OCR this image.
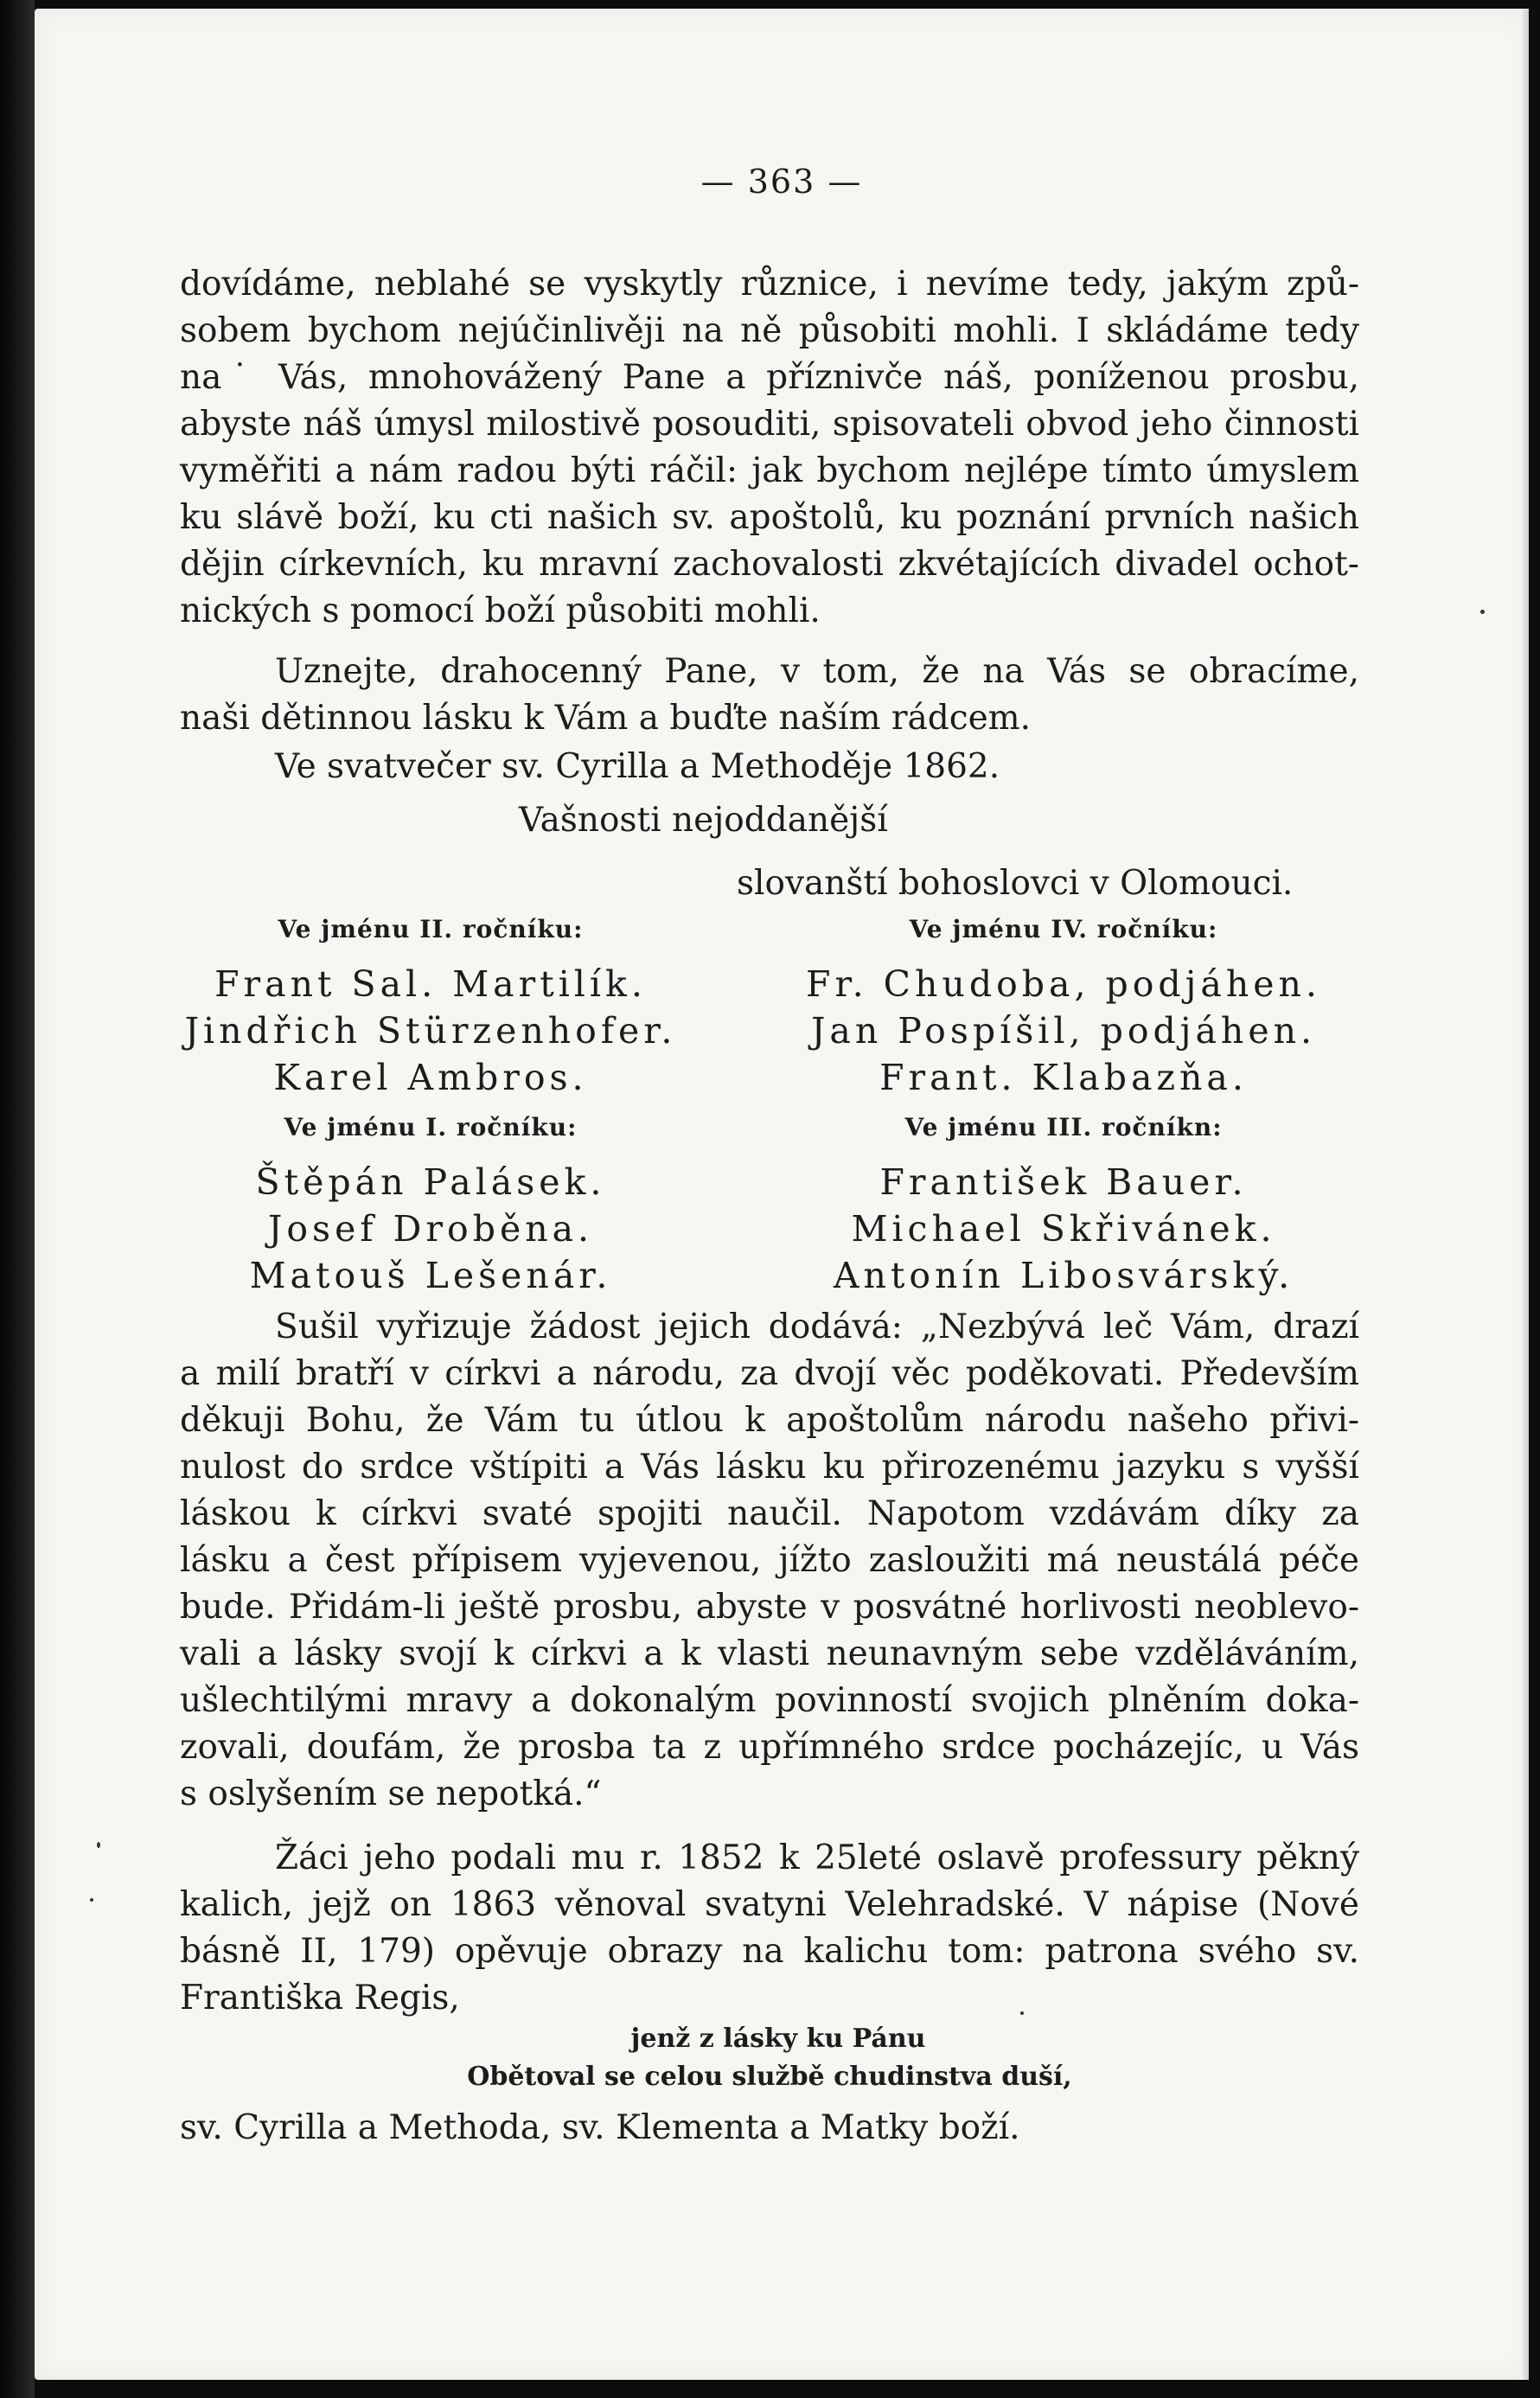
— 363 —
dovídáme, neblahé se vyskytly různice, i nevíme tedy, jakým způ-
sobem bychom nejúčinlivěji na ně působiti mohli. I skládáme tedy
na˙ Vás, mnohovážený Pane a příznivče náš, poníženou prosbu,
abyste náš úmysl milostivě posouditi, spisovateli obvod jeho činnosti
vyměřiti a nám radou býti ráčil: jak bychom nejlépe tímto úmyslem
ku slávě boží, ku cti našich sv. apoštolů, ku poznání prvních našich
dějin církevních, ku mravní zachovalosti zkvétajících divadel ochot-
nických s pomocí boží působiti mohli.
Uznejte, drahocenný Pane, v tom, že na Vás se obracíme,
naši dětinnou lásku k Vám a buďte naším rádcem.
Ve svatvečer sv. Cyrilla a Methoděje 1862.
Vašnosti nejoddanější
slovanští bohoslovci v Olomouci.
Ve jménu II. ročníku:
Frant Sal. Martilík.
Jindřich Stürzenhofer.
Karel Ambros.
Ve jménu IV. ročníku:
Fr. Chudoba, podjáhen.
Jan Pospíšil, podjáhen.
Frant. Klabazňa.
Ve jménu I. ročníku:
Štěpán Palásek.
Josef Droběna.
Matouš Lešenár.
Ve jménu III. ročníkn:
František Bauer.
Michael Skřivánek.
Antonín Libosvárský.
Sušil vyřizuje žádost jejich dodává: „Nezbývá leč Vám, drazí
a milí bratří v církvi a národu, za dvojí věc poděkovati. Především
děkuji Bohu, že Vám tu útlou k apoštolům národu našeho přivi-
nulost do srdce vštípiti a Vás lásku ku přirozenému jazyku s vyšší
láskou k církvi svaté spojiti naučil. Napotom vzdávám díky za
lásku a čest přípisem vyjevenou, jížto zasloužiti má neustálá péče
bude. Přidám-li ještě prosbu, abyste v posvátné horlivosti neoblevo-
vali a lásky svojí k církvi a k vlasti neunavným sebe vzděláváním,
ušlechtilými mravy a dokonalým povinností svojich plněním doka-
zovali, doufám, že prosba ta z upřímného srdce pocházejíc, u Vás
s oslyšením se nepotká.“
Žáci jeho podali mu r. 1852 k 25leté oslavě professury pěkný
kalich, jejž on 1863 věnoval svatyni Velehradské. V nápise (Nové
básně II, 179) opěvuje obrazy na kalichu tom: patrona svého sv.
Františka Regis,
jenž z lásky ku Pánu
Obětoval se celou službě chudinstva duší,
sv. Cyrilla a Methoda, sv. Klementa a Matky boží.
